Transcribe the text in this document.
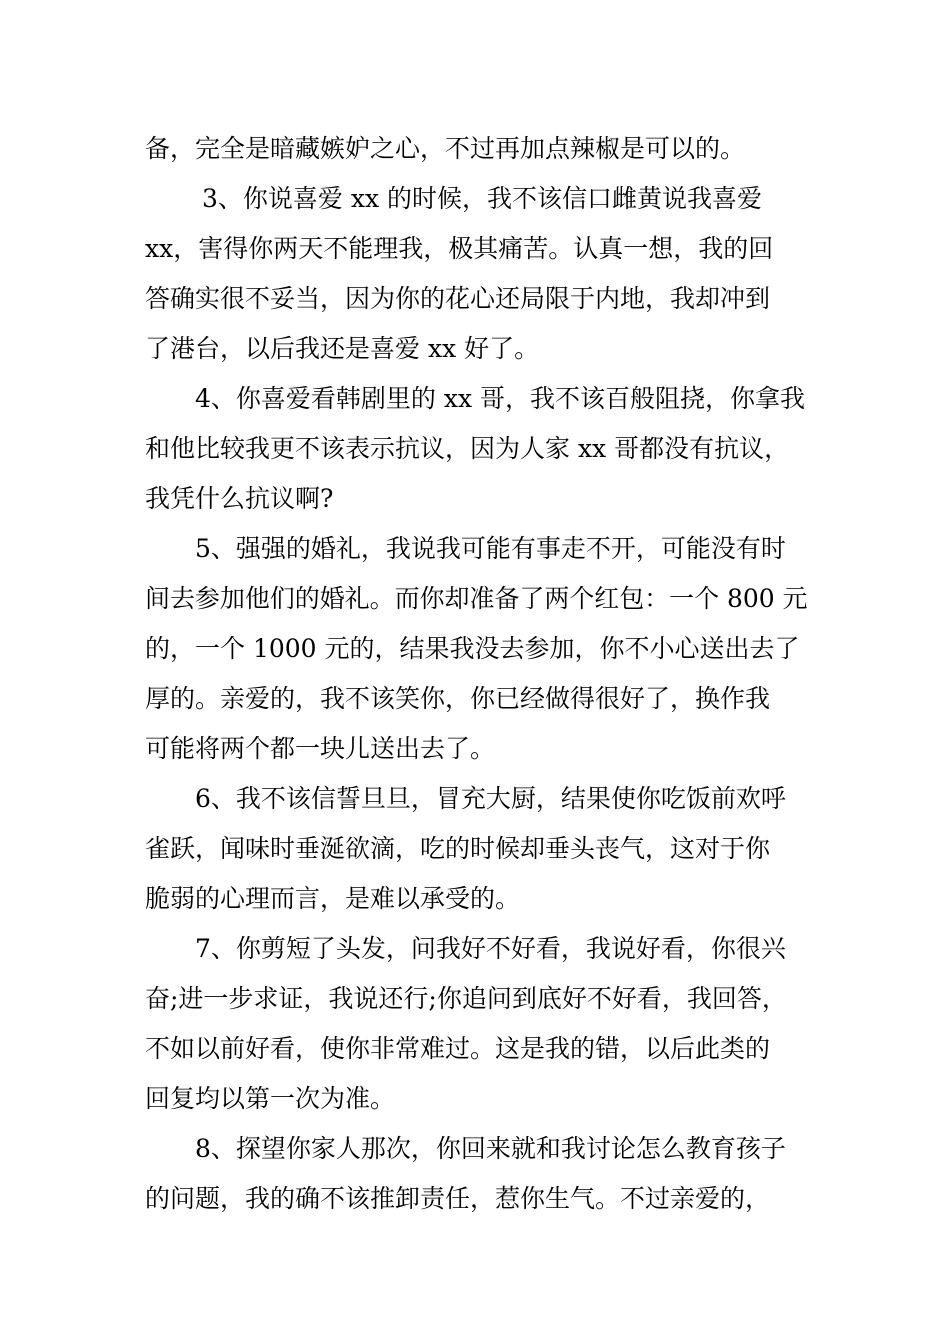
备，完全是暗藏嫉妒之心，不过再加点辣椒是可以的。
3、你说喜爱 xx 的时候，我不该信口雌黄说我喜爱
xx，害得你两天不能理我，极其痛苦。认真一想，我的回
答确实很不妥当，因为你的花心还局限于内地，我却冲到
了港台，以后我还是喜爱 xx 好了。
4、你喜爱看韩剧里的 xx 哥，我不该百般阻挠，你拿我
和他比较我更不该表示抗议，因为人家 xx 哥都没有抗议，
我凭什么抗议啊?
5、强强的婚礼，我说我可能有事走不开，可能没有时
间去参加他们的婚礼。而你却准备了两个红包：一个 800 元
的，一个 1000 元的，结果我没去参加，你不小心送出去了
厚的。亲爱的，我不该笑你，你已经做得很好了，换作我
可能将两个都一块儿送出去了。
6、我不该信誓旦旦，冒充大厨，结果使你吃饭前欢呼
雀跃，闻味时垂涎欲滴，吃的时候却垂头丧气，这对于你
脆弱的心理而言，是难以承受的。
7、你剪短了头发，问我好不好看，我说好看，你很兴
奋;进一步求证，我说还行;你追问到底好不好看，我回答，
不如以前好看，使你非常难过。这是我的错，以后此类的
回复均以第一次为准。
8、探望你家人那次，你回来就和我讨论怎么教育孩子
的问题，我的确不该推卸责任，惹你生气。不过亲爱的，
